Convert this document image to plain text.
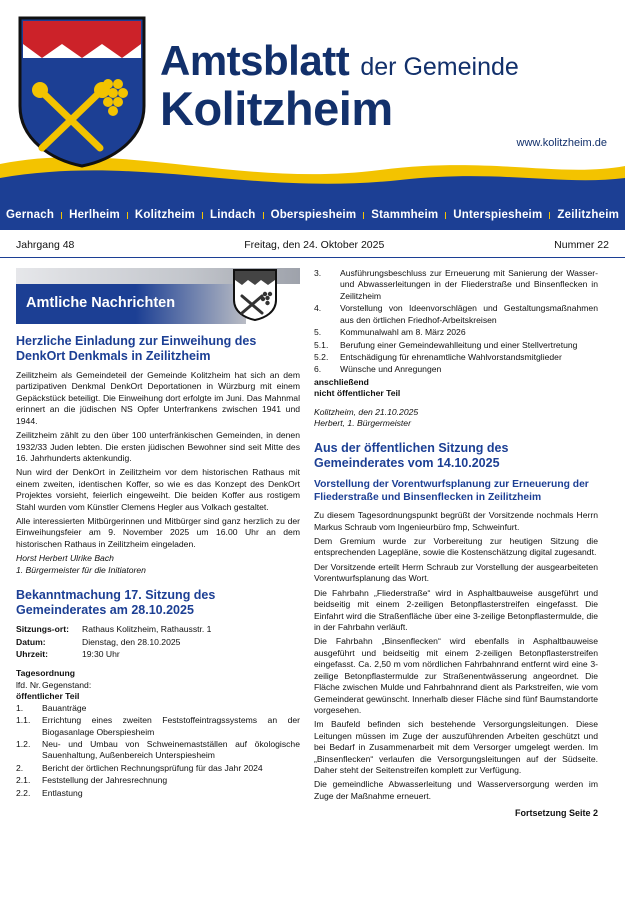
Amtsblatt der Gemeinde
Kolitzheim
www.kolitzheim.de
Gernach	Herlheim	Kolitzheim	Lindach	Oberspiesheim	Stammheim	Unterspiesheim	Zeilitzheim
Jahrgang 48	Freitag, den 24. Oktober 2025	Nummer 22
Amtliche Nachrichten
Herzliche Einladung zur Einweihung des DenkOrt Denkmals in Zeilitzheim

Zeilitzheim als Gemeindeteil der Gemeinde Kolitzheim hat sich an dem partizipativen Denkmal DenkOrt Deportationen in Würzburg mit einem Gepäckstück beteiligt. Die Einweihung dort erfolgte im Juni. Das Mahnmal erinnert an die jüdischen NS Opfer Unterfrankens zwischen 1941 und 1944.

Zeilitzheim zählt zu den über 100 unterfränkischen Gemeinden, in denen 1932/33 Juden lebten. Die ersten jüdischen Bewohner sind seit Mitte des 16. Jahrhunderts aktenkundig.

Nun wird der DenkOrt in Zeilitzheim vor dem historischen Rathaus mit einem zweiten, identischen Koffer, so wie es das Konzept des DenkOrt Projektes vorsieht, feierlich eingeweiht. Die beiden Koffer aus rostigem Stahl wurden vom Künstler Clemens Hegler aus Volkach gestaltet.

Alle interessierten Mitbürgerinnen und Mitbürger sind ganz herzlich zu der Einweihungsfeier am 9. November 2025 um 16.00 Uhr an dem historischen Rathaus in Zeilitzheim eingeladen.

Horst Herbert Ulrike Bach

1. Bürgermeister für die Initiatoren

Bekanntmachung 17. Sitzung des Gemeinderates am 28.10.2025
Sitzungs-ort:	Rathaus Kolitzheim, Rathausstr. 1
Datum:	Dienstag, den 28.10.2025
Uhrzeit:	19:30 Uhr

Tagesordnung

lfd. Nr. Gegenstand:

öffentlicher Teil

1.	Bauanträge
1.1.	Errichtung eines zweiten Feststoffeintragssystems an der Biogasanlage Oberspiesheim
1.2.	Neu- und Umbau von Schweinemastställen auf ökologische Sauenhaltung, Außenbereich Unterspiesheim
2.	Bericht der örtlichen Rechnungsprüfung für das Jahr 2024
2.1.	Feststellung der Jahresrechnung
2.2.	Entlastung
3.	Ausführungsbeschluss zur Erneuerung mit Sanierung der Wasser- und Abwasserleitungen in der Fliederstraße und Binsenflecken in Zeilitzheim
4.	Vorstellung von Ideenvorschlägen und Gestaltungsmaßnahmen aus den örtlichen Friedhof-Arbeitskreisen
5.	Kommunalwahl am 8. März 2026
5.1.	Berufung einer Gemeindewahlleitung und einer Stellvertretung
5.2.	Entschädigung für ehrenamtliche Wahlvorstandsmitglieder
6.	Wünsche und Anregungen

anschließend

nicht öffentlicher Teil

Kolitzheim, den 21.10.2025

Herbert, 1. Bürgermeister

Aus der öffentlichen Sitzung des Gemeinderates vom 14.10.2025
Vorstellung der Vorentwurfsplanung zur Erneuerung der Fliederstraße und Binsenflecken in Zeilitzheim

Zu diesem Tagesordnungspunkt begrüßt der Vorsitzende nochmals Herrn Markus Schraub vom Ingenieurbüro fmp, Schweinfurt.

Dem Gremium wurde zur Vorbereitung zur heutigen Sitzung die entsprechenden Lagepläne, sowie die Kostenschätzung digital zugesandt.

Der Vorsitzende erteilt Herrn Schraub zur Vorstellung der ausgearbeiteten Vorentwurfsplanung das Wort.

Die Fahrbahn „Fliederstraße“ wird in Asphaltbauweise ausgeführt und beidseitig mit einem 2-zeiligen Betonpflasterstreifen eingefasst. Die Einfahrt wird die Straßenfläche über eine 3-zeilige Betonpflastermulde, die in der Fahrbahn verläuft.

Die Fahrbahn „Binsenflecken“ wird ebenfalls in Asphaltbauweise ausgeführt und beidseitig mit einem 2-zeiligen Betonpflasterstreifen eingefasst. Ca. 2,50 m vom nördlichen Fahrbahnrand entfernt wird eine 3-zeilige Betonpflastermulde zur Straßenentwässerung angeordnet. Die Fläche zwischen Mulde und Fahrbahnrand dient als Parkstreifen, wie vom Gemeinderat gewünscht. Innerhalb dieser Fläche sind fünf Baumstandorte vorgesehen.

Im Baufeld befinden sich bestehende Versorgungsleitungen. Diese Leitungen müssen im Zuge der auszuführenden Arbeiten geschützt und bei Bedarf in Zusammenarbeit mit dem Versorger umgelegt werden. Im „Binsenflecken“ verlaufen die Versorgungsleitungen auf der Südseite. Daher steht der Seitenstreifen komplett zur Verfügung.

Die gemeindliche Abwasserleitung und Wasserversorgung werden im Zuge der Maßnahme erneuert.

Fortsetzung Seite 2
